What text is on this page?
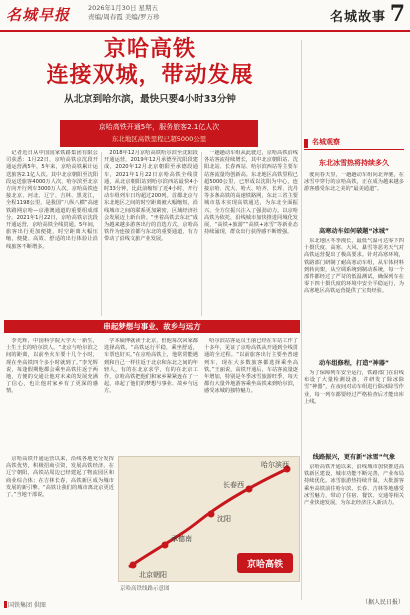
名城早报	2026年1月30日 星期五
责编/周春霞 美编/罗万珍	名城故事 7
京哈高铁
连接双城，带动发展
从北京到哈尔滨，最快只要4小时33分钟
京哈高铁开通5年，服务旅客2.1亿人次
东北地区高铁里程已超5000公里
　记者近日从中国国家铁路集团有限公司获悉：1月22日，京哈高铁京沈段开通运营满5年，5年来，京哈高铁累计运送旅客2.1亿人次。其中北京朝阳至沈阳段运送旅客4000万人次，哈尔滨至北京方向开行列车3000万人次。京哈高铁连接北京、河北、辽宁、吉林、黑龙江，全程1198公里，是我国“八纵八横”高速铁路网京哈—京港澳通道的重要组成部分。2021年1月22日，京哈高铁京沈段开通运营，京哈高铁全线贯通。5年间，旅客出行更加便捷，时空距离大幅压缩，便捷、高效、舒适的出行体验让沿线旅客不断增多。
　2018年12月京哈高铁哈尔滨至沈阳段开通运营，2019年12月承德至沈阳段建成，2020年12月北京朝阳至承德段通车，2021年1月22日京哈高铁全线贯通，从北京朝阳站到哈尔滨西站最快4小时33分钟，比此前缩短了近4小时，开行动车组列车日均超过200列。首都北京与东北地区之间的时空距离被大幅缩短，沿线城市之间的联系更加紧密，区域经济社会发展迈上新台阶。“坐着高铁去东北”成为越来越多游客出行的首选方式，京哈高铁作为连接首都与东北的重要通道，有力带动了沿线文旅产业发展。
　一趟趟动车组从此驶过，京哈高铁沿线各站客流持续增长，其中北京朝阳站、沈阳北站、长春西站、哈尔滨西站等主要车站客流量均创新高。东北地区高铁里程已超5000公里，已形成以沈阳为中心，连接京哈、沈大、哈大、哈齐、长珲、沈丹等多条高铁的高速铁路网，东北三省主要城市基本实现高铁通达，为东北全面振兴、全方位振兴注入了强劲动力。以京哈高铁为依托，沿线城市加快推进同城化发展，“高铁+旅游”“高铁+冰雪”等新业态持续涌现，群众出行获得感不断增强。
串起梦想与事业、故乡与远方
　李光辉，中国科学院大学大一新生，土生土长的哈尔滨人。“北京与哈尔滨之间的距离，以前坐火车要十几个小时，现在坐高铁四个多小时就到了。”李光辉说，每逢假期他都会乘坐高铁往返于两地，方便的交通让他对未来的发展充满了信心，也让他对家乡有了更深的感情。
　学本硕博就读于北京，但他每次回家都选择高铁。“高铁运行平稳，乘坐舒适，车票也好买。”在京哈高铁上，他常常能遇到和自己一样往返于北京和东北之间的年轻人，有的在北京求学，有的在北京工作，京哈高铁把他们和家乡紧紧连在了一起，串起了他们的梦想与事业、故乡与远方。
　哈尔滨站客运员王丽已经在车站工作了十多年，见证了京哈高铁从开通到全线贯通的全过程。“以前旅客出行主要坐普速列车，现在大多数旅客都选择乘坐高铁。”王丽说，高铁开通后，车站客流量逐年增加，特别是冬季冰雪旅游旺季，每天都有大量外地游客乘坐高铁来到哈尔滨，感受冰城的独特魅力。
　京哈高铁开通运营以来，沿线各地充分发挥高铁优势，积极招商引资，发展高铁经济。在辽宁朝阳，高铁站周边已经建起了物流园区和商业综合体；在吉林长春，高铁新区成为城市发展的新引擎。“高铁让我们的城市离北京更近了。”当地干部说。
哈尔滨西
长春西
沈阳
北京朝阳
承德南
京哈高铁
京哈高铁线路示意图
名城观察
东北冰雪热将持续多久
　驶向春天里，一趟趟动车组向北奔驰，在冰雪中穿行的京哈高铁，正在成为越来越多游客感受东北之美的“最美通道”。
高寒动车如何破题“冰城”
　东北地区冬季漫长，最低气温可达零下四十摄氏度，高寒、大风、暴雪等恶劣天气对高铁运营提出了极高要求。针对高寒环境，铁路部门研制了耐高寒动车组，从车体材料到转向架，从空调系统到制动系统，每一个部件都经过了严苛的低温测试，确保列车在零下四十摄氏度的环境中安全平稳运行，为高寒地区高铁运营提供了宝贵经验。
动车组修程，打造“神器”
　为了保障列车安全运行，铁路部门在沿线布设了大量检测设备，并研发了除冰除雪“神器”，在夜间对动车组进行除冰除雪作业，每一列车都要经过严格检查后才能出库上线。
线路振兴，更有新“冰雪”气象
　京哈高铁开通以来，沿线城市加快推进高铁新区建设，城市功能不断完善，产业布局持续优化。冰雪旅游热持续升温，大批游客乘坐高铁前往哈尔滨、长春、吉林等地感受冰雪魅力，带动了住宿、餐饮、交通等相关产业快速发展，为东北经济注入新活力。
（据人民日报）
国铁集团 供图
